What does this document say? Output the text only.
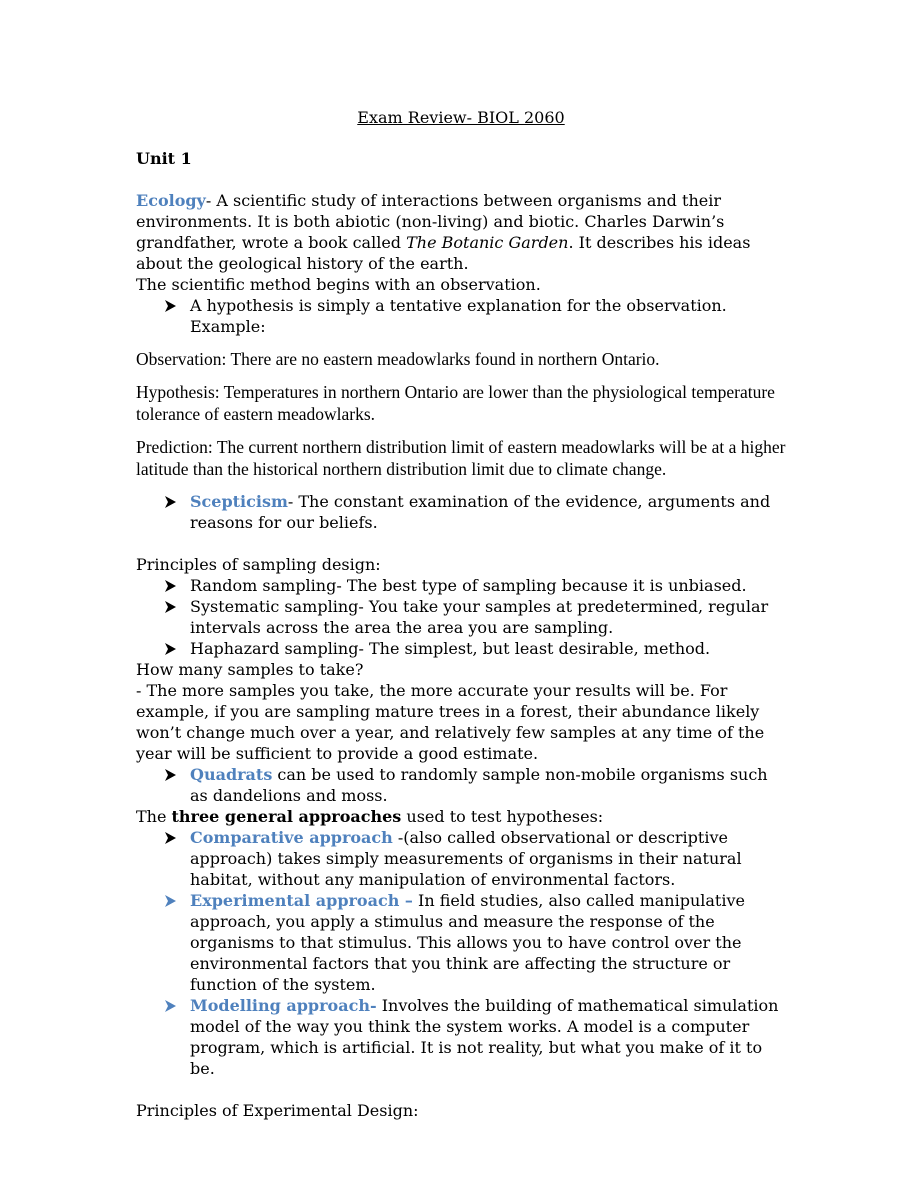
Exam Review- BIOL 2060

Unit 1

Ecology- A scientific study of interactions between organisms and their environments. It is both abiotic (non-living) and biotic. Charles Darwin’s grandfather, wrote a book called The Botanic Garden. It describes his ideas about the geological history of the earth.

The scientific method begins with an observation.

A hypothesis is simply a tentative explanation for the observation. Example:

Observation: There are no eastern meadowlarks found in northern Ontario.

Hypothesis: Temperatures in northern Ontario are lower than the physiological temperature tolerance of eastern meadowlarks.

Prediction: The current northern distribution limit of eastern meadowlarks will be at a higher latitude than the historical northern distribution limit due to climate change.

Scepticism- The constant examination of the evidence, arguments and reasons for our beliefs.

Principles of sampling design:

Random sampling- The best type of sampling because it is unbiased.
Systematic sampling- You take your samples at predetermined, regular intervals across the area the area you are sampling.
Haphazard sampling- The simplest, but least desirable, method.

How many samples to take?

- The more samples you take, the more accurate your results will be. For example, if you are sampling mature trees in a forest, their abundance likely won’t change much over a year, and relatively few samples at any time of the year will be sufficient to provide a good estimate.

Quadrats can be used to randomly sample non-mobile organisms such as dandelions and moss.

The three general approaches used to test hypotheses:

Comparative approach -(also called observational or descriptive approach) takes simply measurements of organisms in their natural habitat, without any manipulation of environmental factors.
Experimental approach – In field studies, also called manipulative approach, you apply a stimulus and measure the response of the organisms to that stimulus. This allows you to have control over the environmental factors that you think are affecting the structure or function of the system.
Modelling approach- Involves the building of mathematical simulation model of the way you think the system works. A model is a computer program, which is artificial. It is not reality, but what you make of it to be.

Principles of Experimental Design:
